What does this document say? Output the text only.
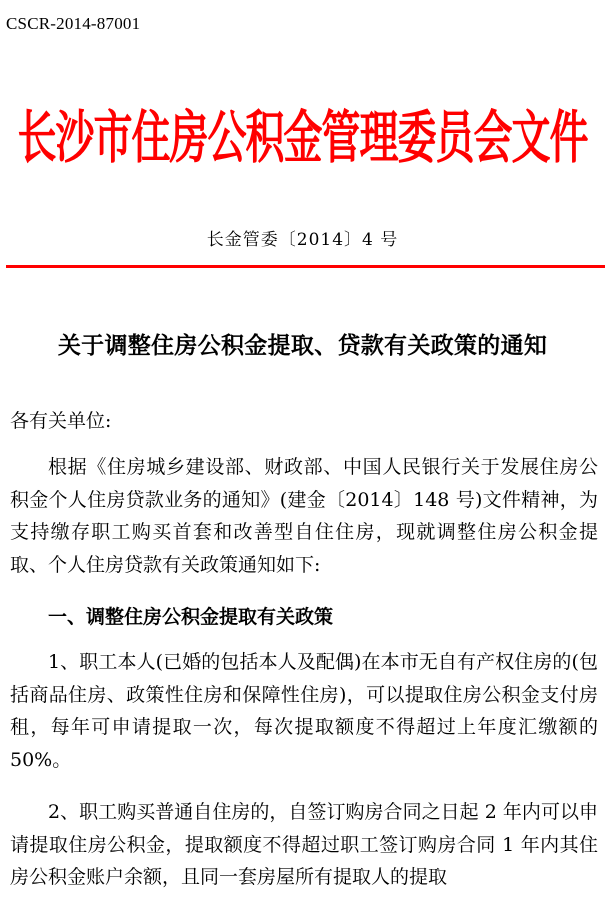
CSCR-2014-87001
长沙市住房公积金管理委员会文件
长金管委〔2014〕4 号
关于调整住房公积金提取、贷款有关政策的通知
各有关单位:
根据《住房城乡建设部、财政部、中国人民银行关于发展住房公积金个人住房贷款业务的通知》(建金〔2014〕148 号)文件精神，为支持缴存职工购买首套和改善型自住住房，现就调整住房公积金提取、个人住房贷款有关政策通知如下:
一、调整住房公积金提取有关政策
1、职工本人(已婚的包括本人及配偶)在本市无自有产权住房的(包括商品住房、政策性住房和保障性住房)，可以提取住房公积金支付房租，每年可申请提取一次，每次提取额度不得超过上年度汇缴额的 50%。
2、职工购买普通自住房的，自签订购房合同之日起 2 年内可以申请提取住房公积金，提取额度不得超过职工签订购房合同 1 年内其住房公积金账户余额，且同一套房屋所有提取人的提取
